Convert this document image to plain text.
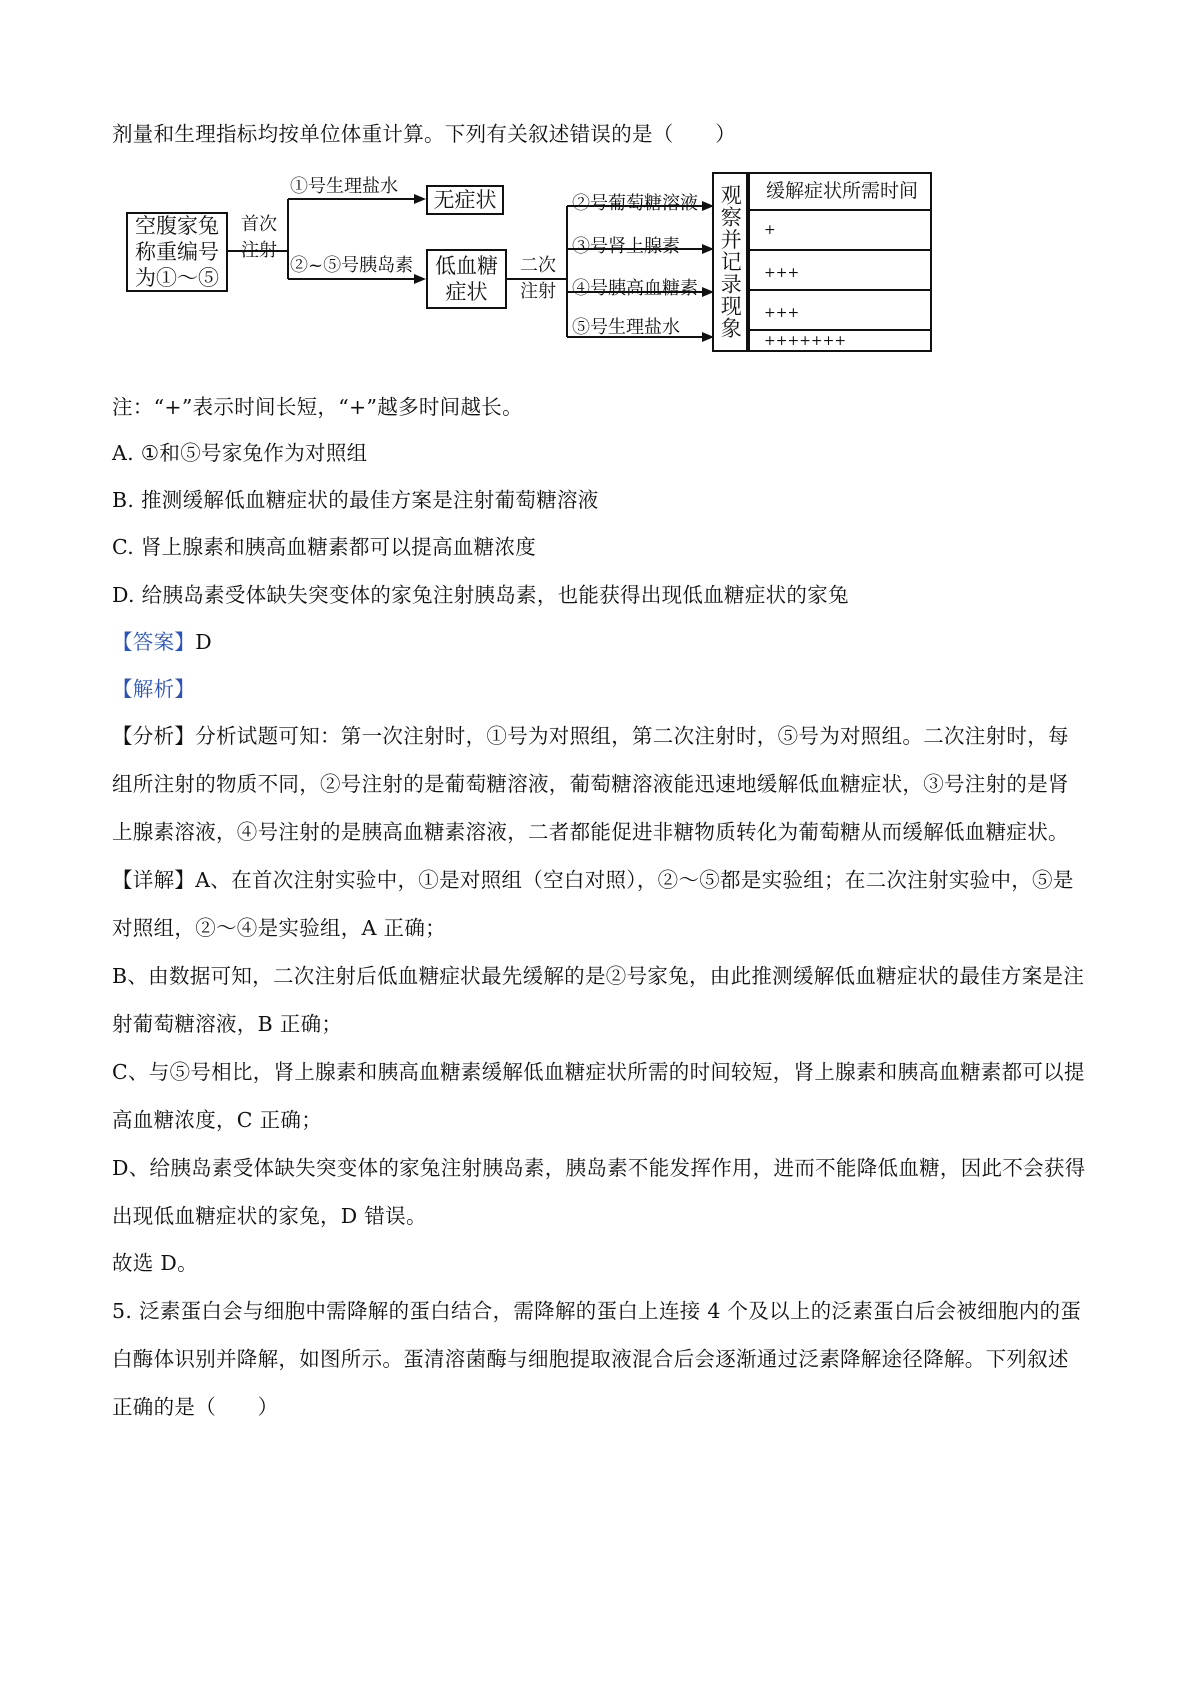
剂量和生理指标均按单位体重计算。下列有关叙述错误的是（　　）
空腹家兔
称重编号
为①～⑤
首次
注射
①号生理盐水
无症状
②~⑤号胰岛素 低血糖
症状
二次
注射
②号葡萄糖溶液
③号肾上腺素
④号胰高血糖素
⑤号生理盐水 观察并记录现象	缓解症状所需时间
+
+++
+++
+++++++
注：“+”表示时间长短，“+”越多时间越长。
A. ①和⑤号家兔作为对照组
B. 推测缓解低血糖症状的最佳方案是注射葡萄糖溶液
C. 肾上腺素和胰高血糖素都可以提高血糖浓度
D. 给胰岛素受体缺失突变体的家兔注射胰岛素，也能获得出现低血糖症状的家兔
【答案】D
【解析】
【分析】分析试题可知：第一次注射时，①号为对照组，第二次注射时，⑤号为对照组。二次注射时，每
组所注射的物质不同，②号注射的是葡萄糖溶液，葡萄糖溶液能迅速地缓解低血糖症状，③号注射的是肾
上腺素溶液，④号注射的是胰高血糖素溶液，二者都能促进非糖物质转化为葡萄糖从而缓解低血糖症状。
【详解】A、在首次注射实验中，①是对照组（空白对照），②～⑤都是实验组；在二次注射实验中，⑤是
对照组，②～④是实验组，A 正确；
B、由数据可知，二次注射后低血糖症状最先缓解的是②号家兔，由此推测缓解低血糖症状的最佳方案是注
射葡萄糖溶液，B 正确；
C、与⑤号相比，肾上腺素和胰高血糖素缓解低血糖症状所需的时间较短，肾上腺素和胰高血糖素都可以提
高血糖浓度，C 正确；
D、给胰岛素受体缺失突变体的家兔注射胰岛素，胰岛素不能发挥作用，进而不能降低血糖，因此不会获得
出现低血糖症状的家兔，D 错误。
故选 D。
5. 泛素蛋白会与细胞中需降解的蛋白结合，需降解的蛋白上连接 4 个及以上的泛素蛋白后会被细胞内的蛋
白酶体识别并降解，如图所示。蛋清溶菌酶与细胞提取液混合后会逐渐通过泛素降解途径降解。下列叙述
正确的是（　　）
